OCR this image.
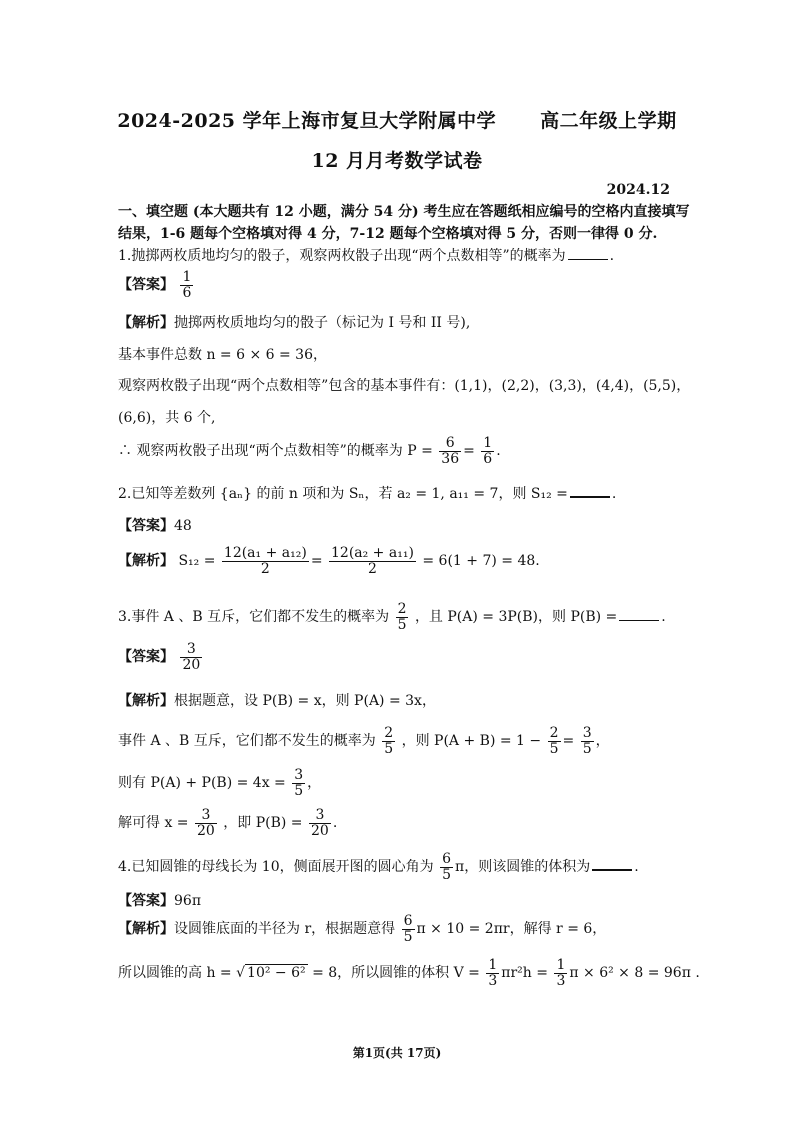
2024-2025 学年上海市复旦大学附属中学 高二年级上学期
12 月月考数学试卷
2024.12
一、填空题 (本大题共有 12 小题，满分 54 分) 考生应在答题纸相应编号的空格内直接填写
结果，1-6 题每个空格填对得 4 分，7-12 题每个空格填对得 5 分，否则一律得 0 分.
1.抛掷两枚质地均匀的骰子，观察两枚骰子出现“两个点数相等”的概率为	.
【答案】 $\frac{1}{6}$
【解析】抛掷两枚质地均匀的骰子（标记为 I 号和 II 号),
基本事件总数 n = 6 × 6 = 36，
观察两枚骰子出现“两个点数相等”包含的基本事件有：(1,1)，(2,2)，(3,3)，(4,4)，(5,5)，
(6,6)，共 6 个,
∴ 观察两枚骰子出现“两个点数相等”的概率为 $P = \frac{6}{36} = \frac{1}{6}$ .
2.已知等差数列 {aₙ} 的前 n 项和为 Sₙ，若 a₂ = 1, a₁₁ = 7，则 S₁₂ =	.
【答案】48
【解析】 $S_{12} = \frac{\text{12(a₁ + a₁₂)}}{2} = \frac{\text{12(a₂ + a₁₁)}}{2} = 6(1 + 7) = 48$.
3.事件 A 、B 互斥，它们都不发生的概率为 $\frac{2}{5}$ ，且 P(A) = 3P(B)，则 P(B) =	.
【答案】 $\frac{3}{20}$
【解析】根据题意，设 P(B) = x，则 P(A) = 3x，
事件 A 、B 互斥，它们都不发生的概率为 $\frac{2}{5}$ ，则 $P(A + B) = 1 - \frac{2}{5} = \frac{3}{5}$ ，
则有 $P(A) + P(B) = 4x = \frac{3}{5}$ ，
解可得 $x = \frac{3}{20}$ ，即 $P(B) = \frac{3}{20}$ .
4.已知圆锥的母线长为 10，侧面展开图的圆心角为 $\frac{6}{5}$ π，则该圆锥的体积为	.
【答案】96π
【解析】设圆锥底面的半径为 r，根据题意得 $\frac{6}{5}$ π × 10 = 2πr，解得 r = 6，
所以圆锥的高 h = √ 10² − 6² = 8，所以圆锥的体积 $V = \frac{1}{3} \pi r^2h = \frac{1}{3}$ π × 6² × 8 = 96π .
第1页(共 17页)
